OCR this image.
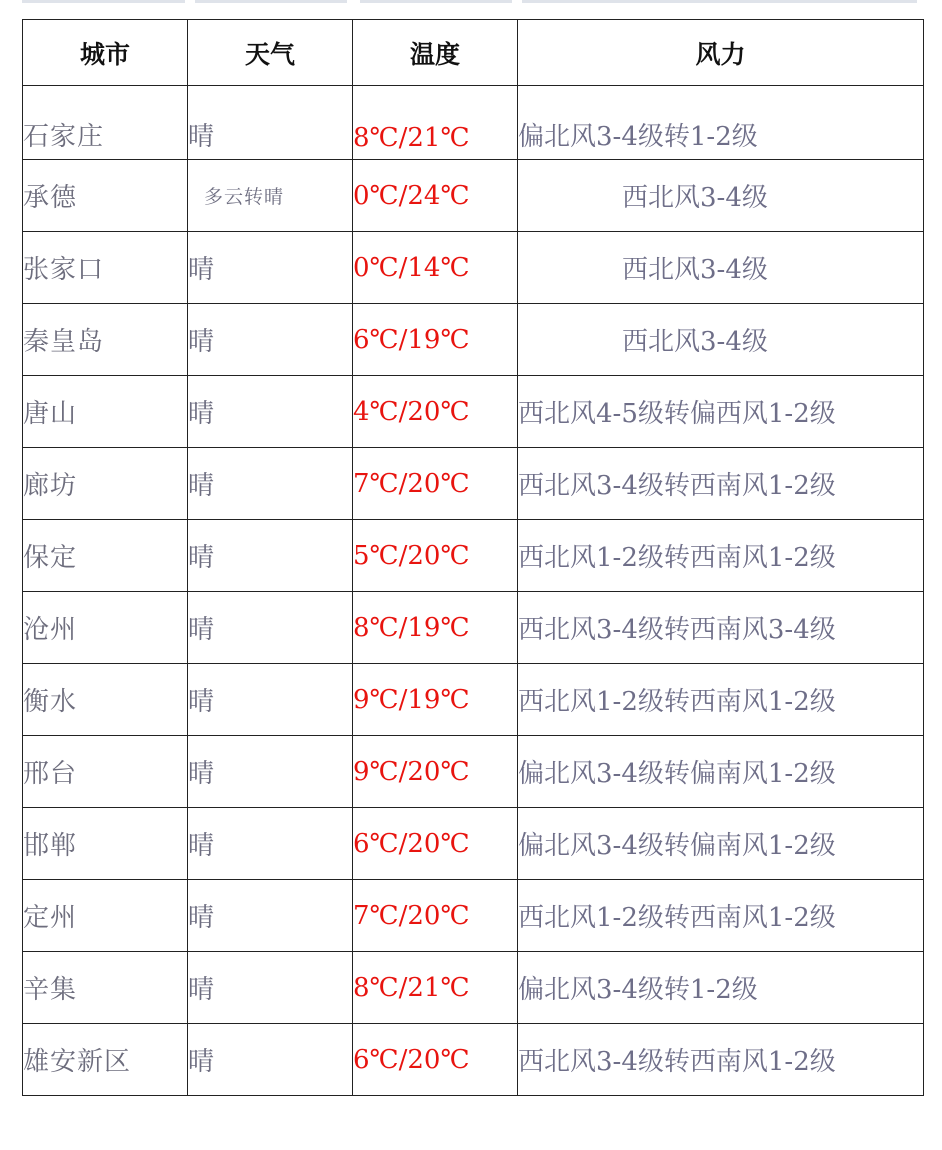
城市	天气	温度	风力
石家庄	晴	8℃/21℃	偏北风3-4级转1-2级
承德	多云转晴	0℃/24℃	西北风3-4级
张家口	晴	0℃/14℃	西北风3-4级
秦皇岛	晴	6℃/19℃	西北风3-4级
唐山	晴	4℃/20℃	西北风4-5级转偏西风1-2级
廊坊	晴	7℃/20℃	西北风3-4级转西南风1-2级
保定	晴	5℃/20℃	西北风1-2级转西南风1-2级
沧州	晴	8℃/19℃	西北风3-4级转西南风3-4级
衡水	晴	9℃/19℃	西北风1-2级转西南风1-2级
邢台	晴	9℃/20℃	偏北风3-4级转偏南风1-2级
邯郸	晴	6℃/20℃	偏北风3-4级转偏南风1-2级
定州	晴	7℃/20℃	西北风1-2级转西南风1-2级
辛集	晴	8℃/21℃	偏北风3-4级转1-2级
雄安新区	晴	6℃/20℃	西北风3-4级转西南风1-2级
